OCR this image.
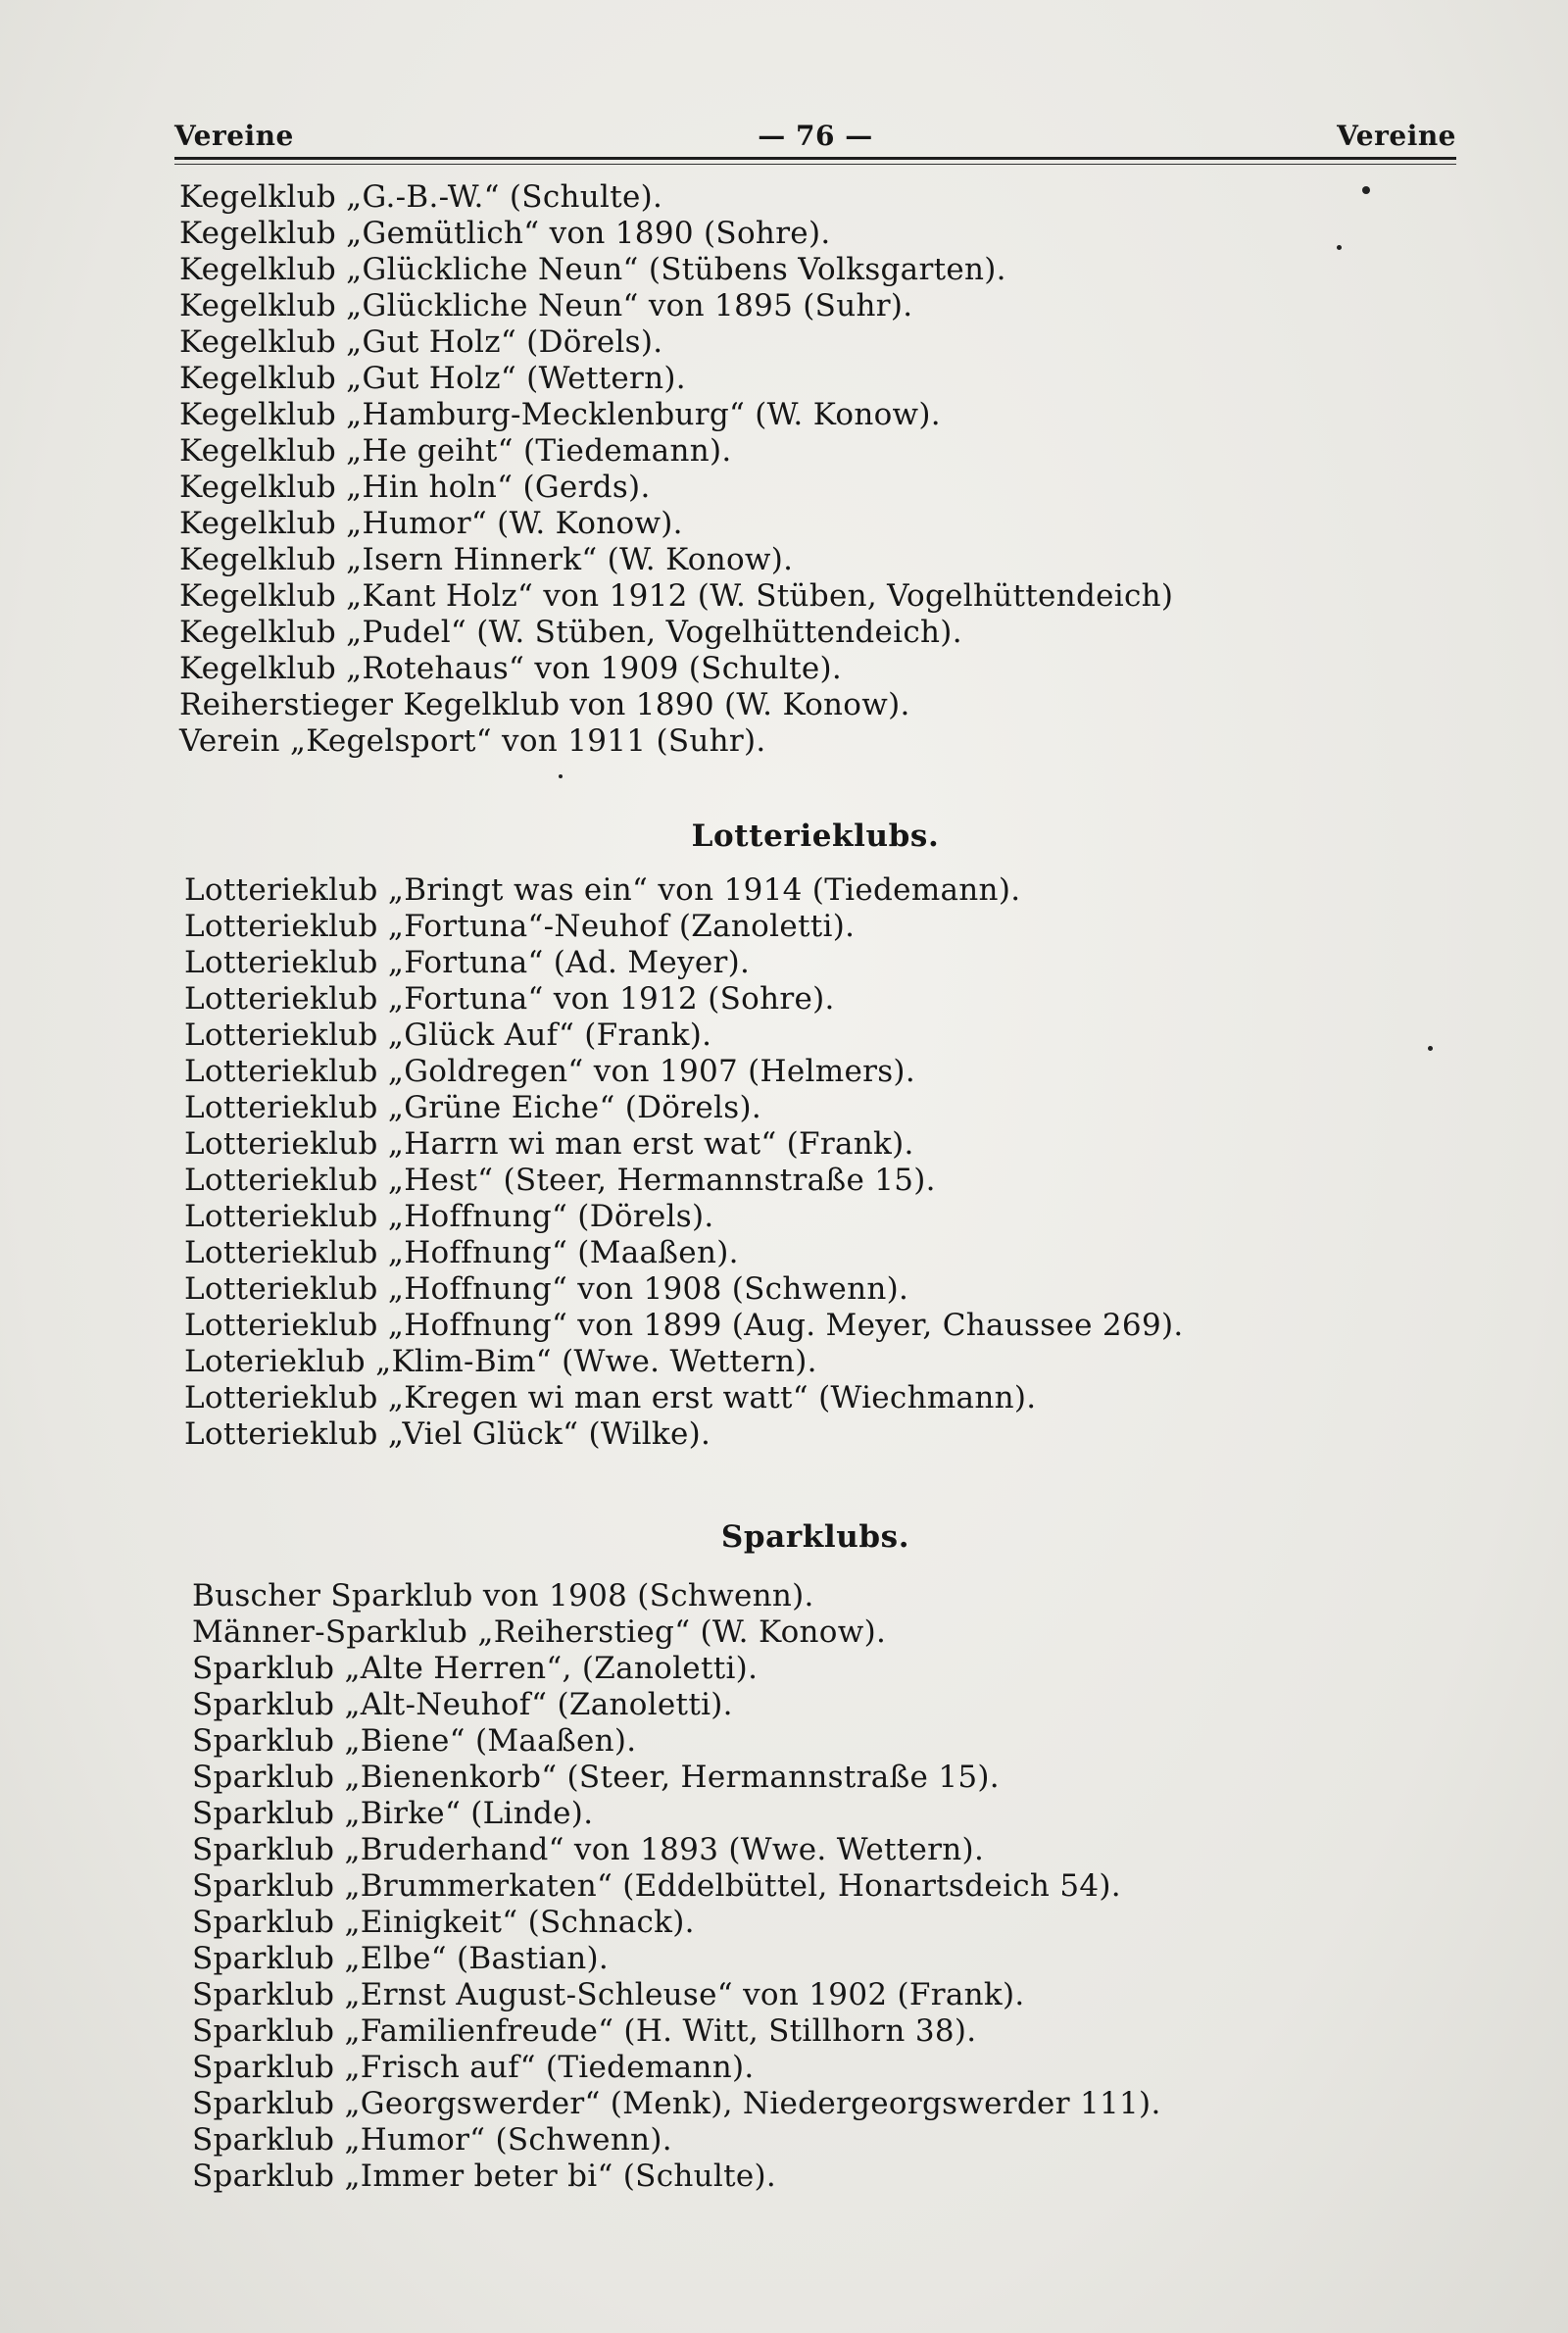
Vereine	— 76 —	Vereine
Kegelklub „G.-B.-W.“ (Schulte).
Kegelklub „Gemütlich“ von 1890 (Sohre).
Kegelklub „Glückliche Neun“ (Stübens Volksgarten).
Kegelklub „Glückliche Neun“ von 1895 (Suhr).
Kegelklub „Gut Holz“ (Dörels).
Kegelklub „Gut Holz“ (Wettern).
Kegelklub „Hamburg-Mecklenburg“ (W. Konow).
Kegelklub „He geiht“ (Tiedemann).
Kegelklub „Hin holn“ (Gerds).
Kegelklub „Humor“ (W. Konow).
Kegelklub „Isern Hinnerk“ (W. Konow).
Kegelklub „Kant Holz“ von 1912 (W. Stüben, Vogelhüttendeich)
Kegelklub „Pudel“ (W. Stüben, Vogelhüttendeich).
Kegelklub „Rotehaus“ von 1909 (Schulte).
Reiherstieger Kegelklub von 1890 (W. Konow).
Verein „Kegelsport“ von 1911 (Suhr).
Lotterieklubs.
Lotterieklub „Bringt was ein“ von 1914 (Tiedemann).
Lotterieklub „Fortuna“-Neuhof (Zanoletti).
Lotterieklub „Fortuna“ (Ad. Meyer).
Lotterieklub „Fortuna“ von 1912 (Sohre).
Lotterieklub „Glück Auf“ (Frank).
Lotterieklub „Goldregen“ von 1907 (Helmers).
Lotterieklub „Grüne Eiche“ (Dörels).
Lotterieklub „Harrn wi man erst wat“ (Frank).
Lotterieklub „Hest“ (Steer, Hermannstraße 15).
Lotterieklub „Hoffnung“ (Dörels).
Lotterieklub „Hoffnung“ (Maaßen).
Lotterieklub „Hoffnung“ von 1908 (Schwenn).
Lotterieklub „Hoffnung“ von 1899 (Aug. Meyer, Chaussee 269).
Loterieklub „Klim-Bim“ (Wwe. Wettern).
Lotterieklub „Kregen wi man erst watt“ (Wiechmann).
Lotterieklub „Viel Glück“ (Wilke).
Sparklubs.
Buscher Sparklub von 1908 (Schwenn).
Männer-Sparklub „Reiherstieg“ (W. Konow).
Sparklub „Alte Herren“, (Zanoletti).
Sparklub „Alt-Neuhof“ (Zanoletti).
Sparklub „Biene“ (Maaßen).
Sparklub „Bienenkorb“ (Steer, Hermannstraße 15).
Sparklub „Birke“ (Linde).
Sparklub „Bruderhand“ von 1893 (Wwe. Wettern).
Sparklub „Brummerkaten“ (Eddelbüttel, Honartsdeich 54).
Sparklub „Einigkeit“ (Schnack).
Sparklub „Elbe“ (Bastian).
Sparklub „Ernst August-Schleuse“ von 1902 (Frank).
Sparklub „Familienfreude“ (H. Witt, Stillhorn 38).
Sparklub „Frisch auf“ (Tiedemann).
Sparklub „Georgswerder“ (Menk), Niedergeorgswerder 111).
Sparklub „Humor“ (Schwenn).
Sparklub „Immer beter bi“ (Schulte).
